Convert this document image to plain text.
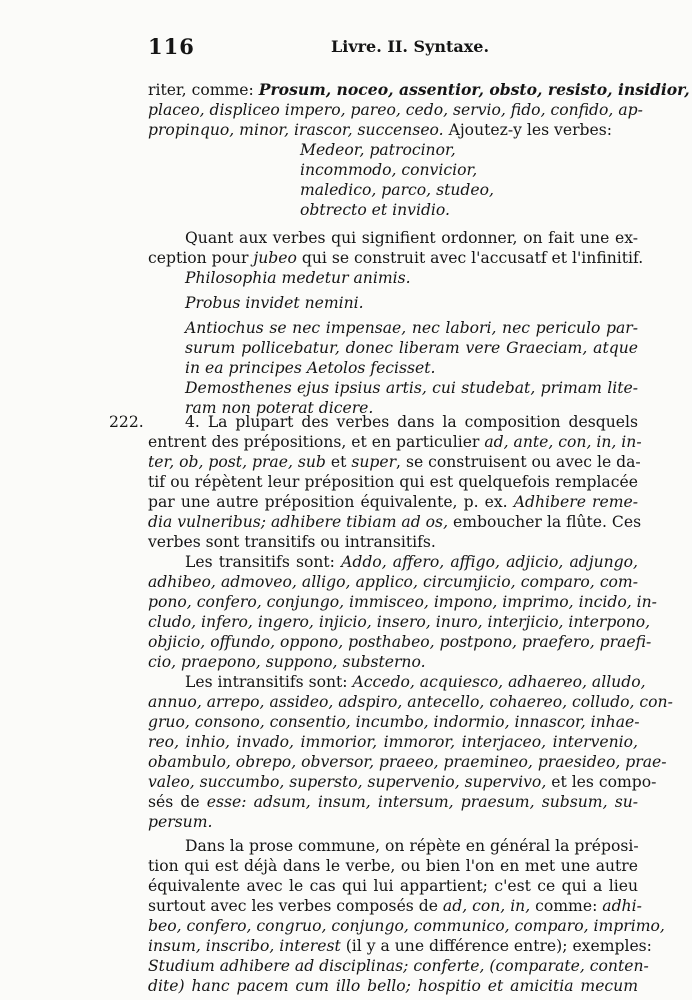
116	Livre. II. Syntaxe.
222.
riter, comme: Prosum, noceo, assentior, obsto, resisto, insidior,
placeo, displiceo impero, pareo, cedo, servio, fido, confido, ap-
propinquo, minor, irascor, succenseo. Ajoutez-y les verbes:
Medeor, patrocinor,
incommodo, convicior,
maledico, parco, studeo,
obtrecto et invidio.
Quant aux verbes qui signifient ordonner, on fait une ex-
ception pour jubeo qui se construit avec l'accusatf et l'infinitif.
Philosophia medetur animis.
Probus invidet nemini.
Antiochus se nec impensae, nec labori, nec periculo par-
surum pollicebatur, donec liberam vere Graeciam, atque
in ea principes Aetolos fecisset.
Demosthenes ejus ipsius artis, cui studebat, primam lite-
ram non poterat dicere.
4. La plupart des verbes dans la composition desquels
entrent des prépositions, et en particulier ad, ante, con, in, in-
ter, ob, post, prae, sub et super, se construisent ou avec le da-
tif ou répètent leur préposition qui est quelquefois remplacée
par une autre préposition équivalente, p. ex. Adhibere reme-
dia vulneribus; adhibere tibiam ad os, emboucher la flûte. Ces
verbes sont transitifs ou intransitifs.
Les transitifs sont: Addo, affero, affigo, adjicio, adjungo,
adhibeo, admoveo, alligo, applico, circumjicio, comparo, com-
pono, confero, conjungo, immisceo, impono, imprimo, incido, in-
cludo, infero, ingero, injicio, insero, inuro, interjicio, interpono,
objicio, offundo, oppono, posthabeo, postpono, praefero, praefi-
cio, praepono, suppono, substerno.
Les intransitifs sont: Accedo, acquiesco, adhaereo, alludo,
annuo, arrepo, assideo, adspiro, antecello, cohaereo, colludo, con-
gruo, consono, consentio, incumbo, indormio, innascor, inhae-
reo, inhio, invado, immorior, immoror, interjaceo, intervenio,
obambulo, obrepo, obversor, praeeo, praemineo, praesideo, prae-
valeo, succumbo, supersto, supervenio, supervivo, et les compo-
sés de esse: adsum, insum, intersum, praesum, subsum, su-
persum.
Dans la prose commune, on répète en général la préposi-
tion qui est déjà dans le verbe, ou bien l'on en met une autre
équivalente avec le cas qui lui appartient; c'est ce qui a lieu
surtout avec les verbes composés de ad, con, in, comme: adhi-
beo, confero, congruo, conjungo, communico, comparo, imprimo,
insum, inscribo, interest (il y a une différence entre); exemples:
Studium adhibere ad disciplinas; conferte, (comparate, conten-
dite) hanc pacem cum illo bello; hospitio et amicitia mecum
